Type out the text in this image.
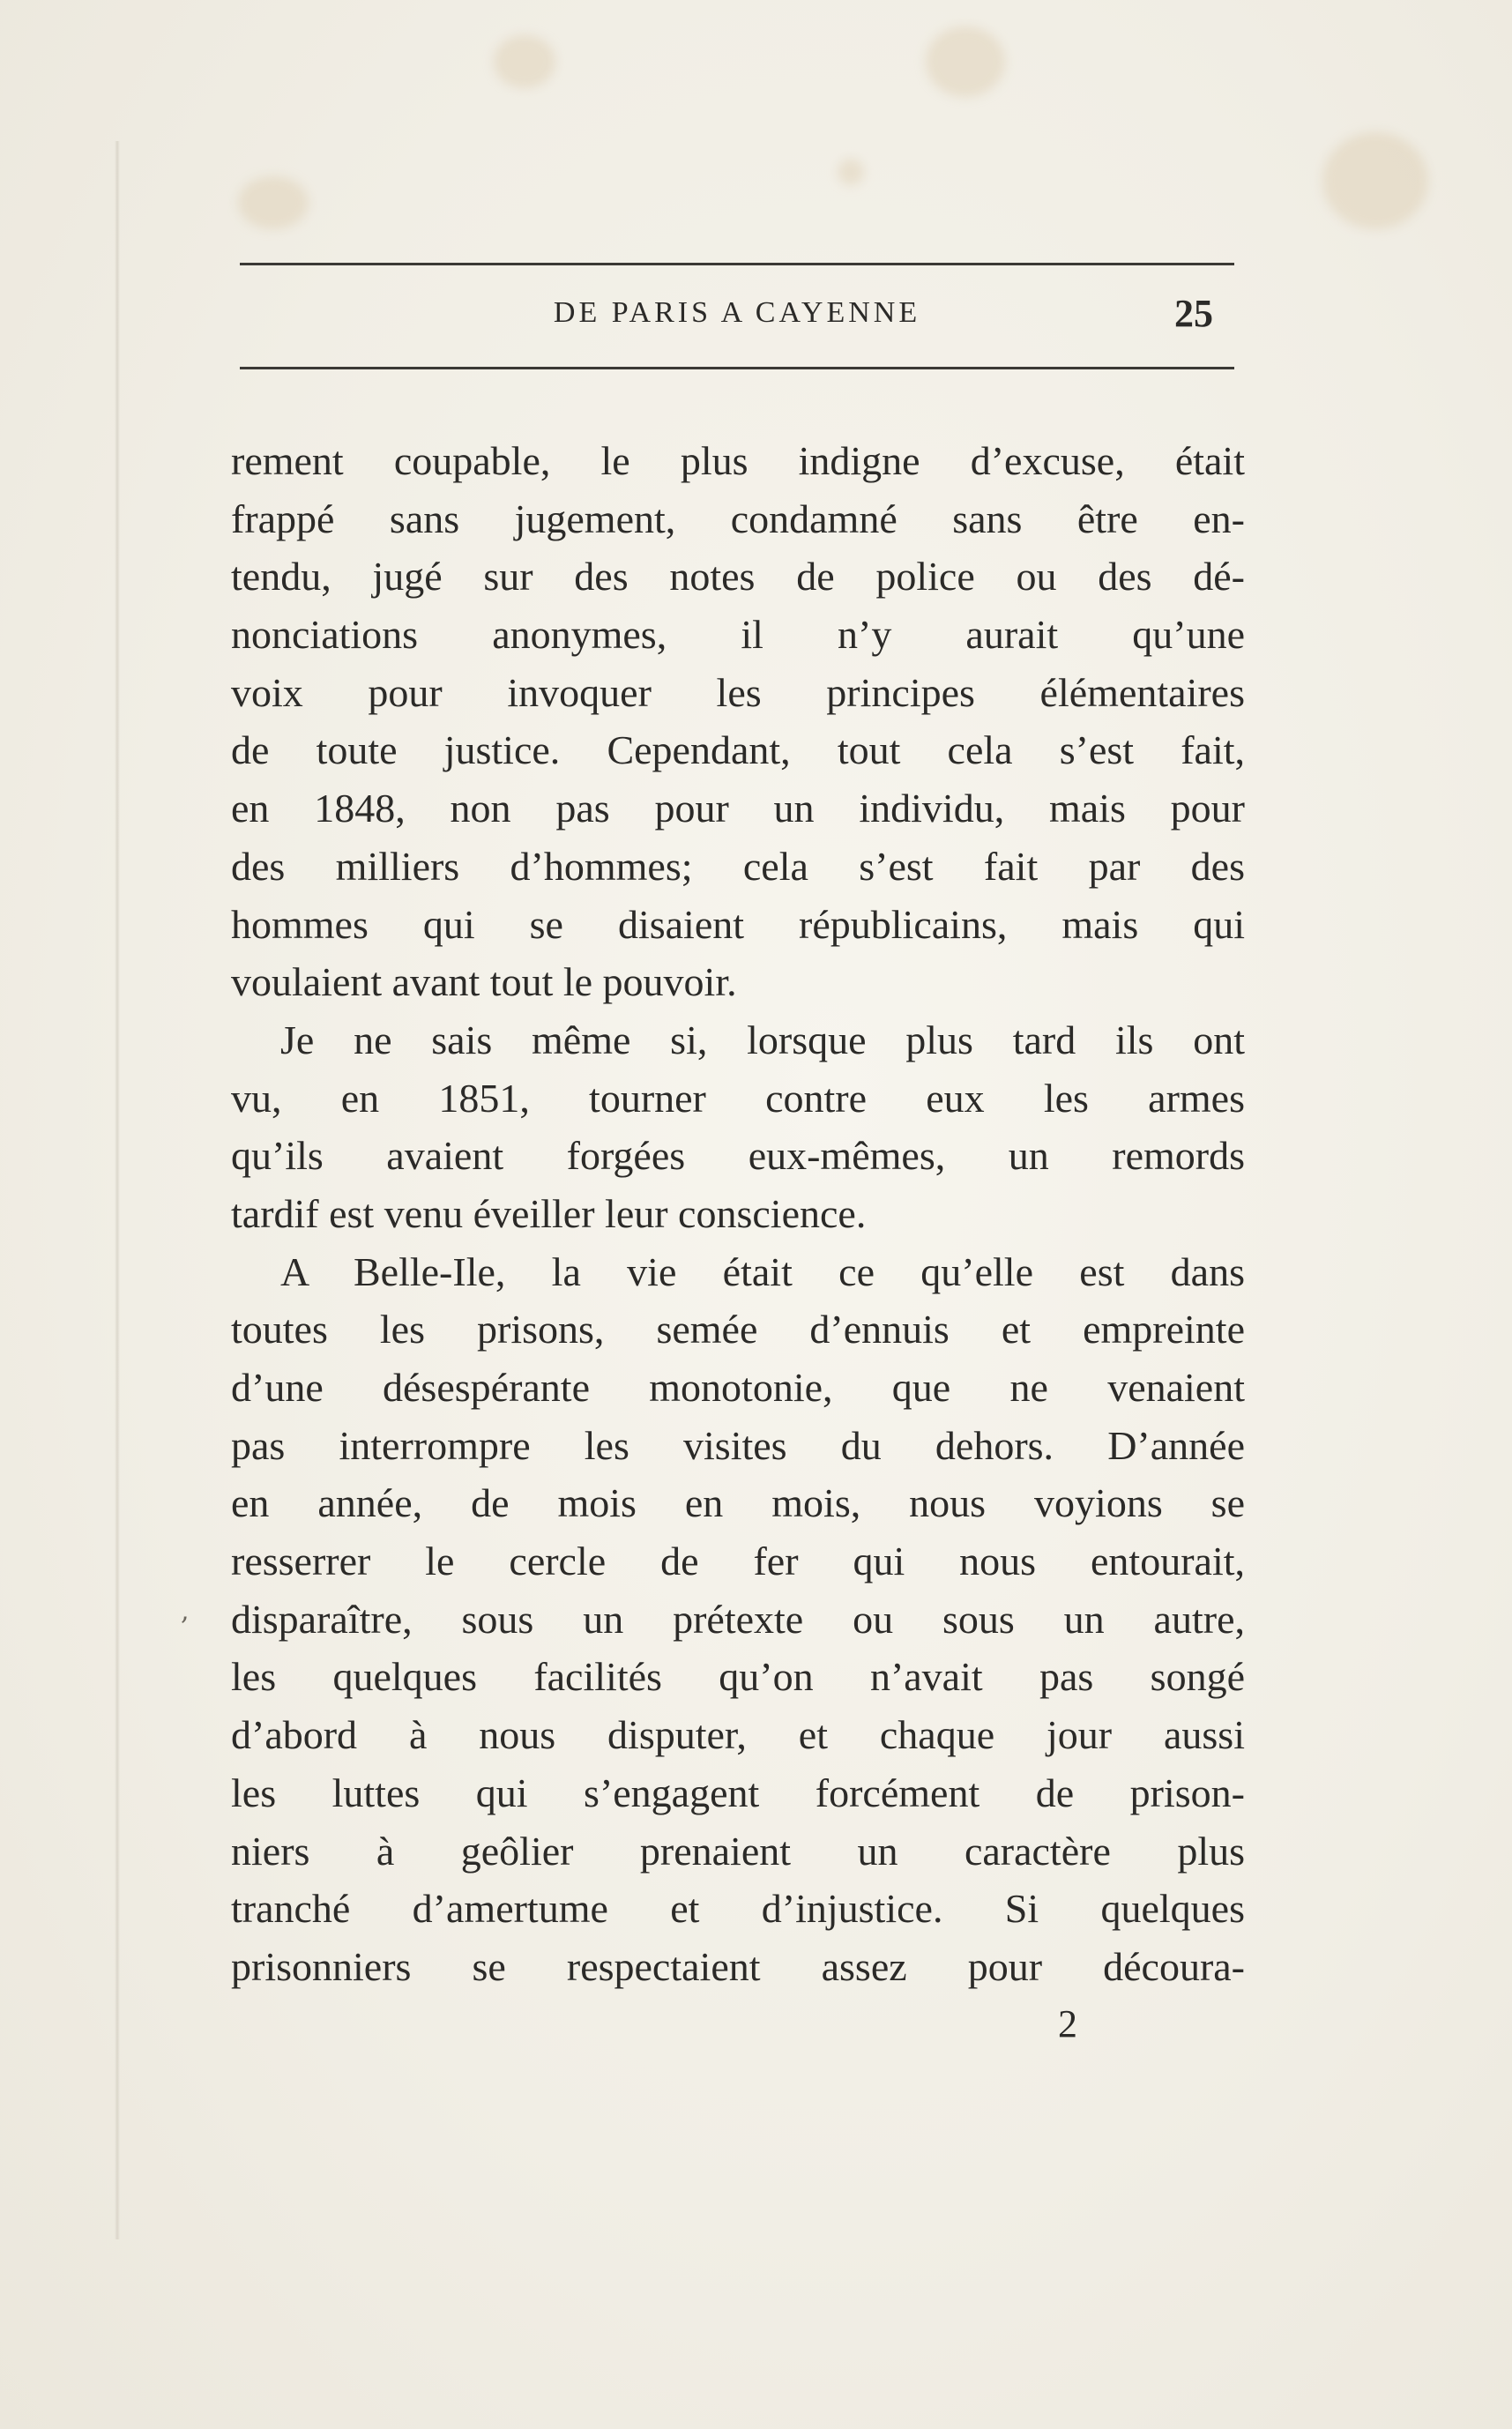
DE PARIS A CAYENNE	25
,
rement coupable, le plus indigne d’excuse, était
frappé sans jugement, condamné sans être en-
tendu, jugé sur des notes de police ou des dé-
nonciations anonymes, il n’y aurait qu’une
voix pour invoquer les principes élémentaires
de toute justice. Cependant, tout cela s’est fait,
en 1848, non pas pour un individu, mais pour
des milliers d’hommes; cela s’est fait par des
hommes qui se disaient républicains, mais qui
voulaient avant tout le pouvoir.
Je ne sais même si, lorsque plus tard ils ont
vu, en 1851, tourner contre eux les armes
qu’ils avaient forgées eux-mêmes, un remords
tardif est venu éveiller leur conscience.
A Belle-Ile, la vie était ce qu’elle est dans
toutes les prisons, semée d’ennuis et empreinte
d’une désespérante monotonie, que ne venaient
pas interrompre les visites du dehors. D’année
en année, de mois en mois, nous voyions se
resserrer le cercle de fer qui nous entourait,
disparaître, sous un prétexte ou sous un autre,
les quelques facilités qu’on n’avait pas songé
d’abord à nous disputer, et chaque jour aussi
les luttes qui s’engagent forcément de prison-
niers à geôlier prenaient un caractère plus
tranché d’amertume et d’injustice. Si quelques
prisonniers se respectaient assez pour découra-
2
